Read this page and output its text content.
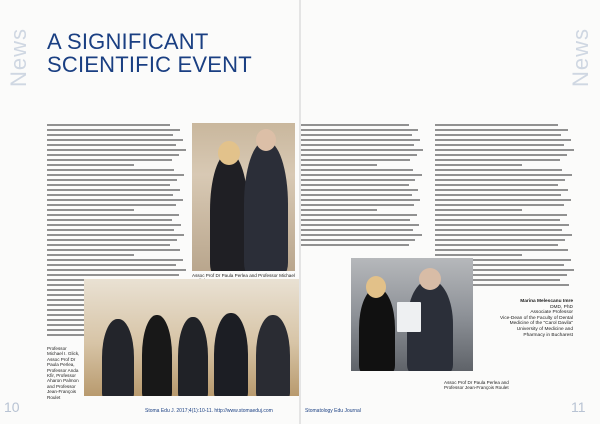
News A SIGNIFICANT SCIENTIFIC EVENT
Assoc Prof Dr Paula Perlea and Professor Michael
Professor Michael I. Glick, Assoc Prof Dr Paula Perlea, Professor Anda Kfir, Professor Aharon Palmon and Professor Jean-François Roulet
Stoma Edu J. 2017;4(1):10-11. http://www.stomaeduj.com
10
News
Marina Melescanu Imre
DMD, PhD
Associate Professor
Vice-Dean of the Faculty of Dental Medicine of the "Carol Davila" University of Medicine and Pharmacy in Bucharest
Stomatology Edu Journal	11
Assoc Prof Dr Paula Perlea and Professor Jean-François Roulet
